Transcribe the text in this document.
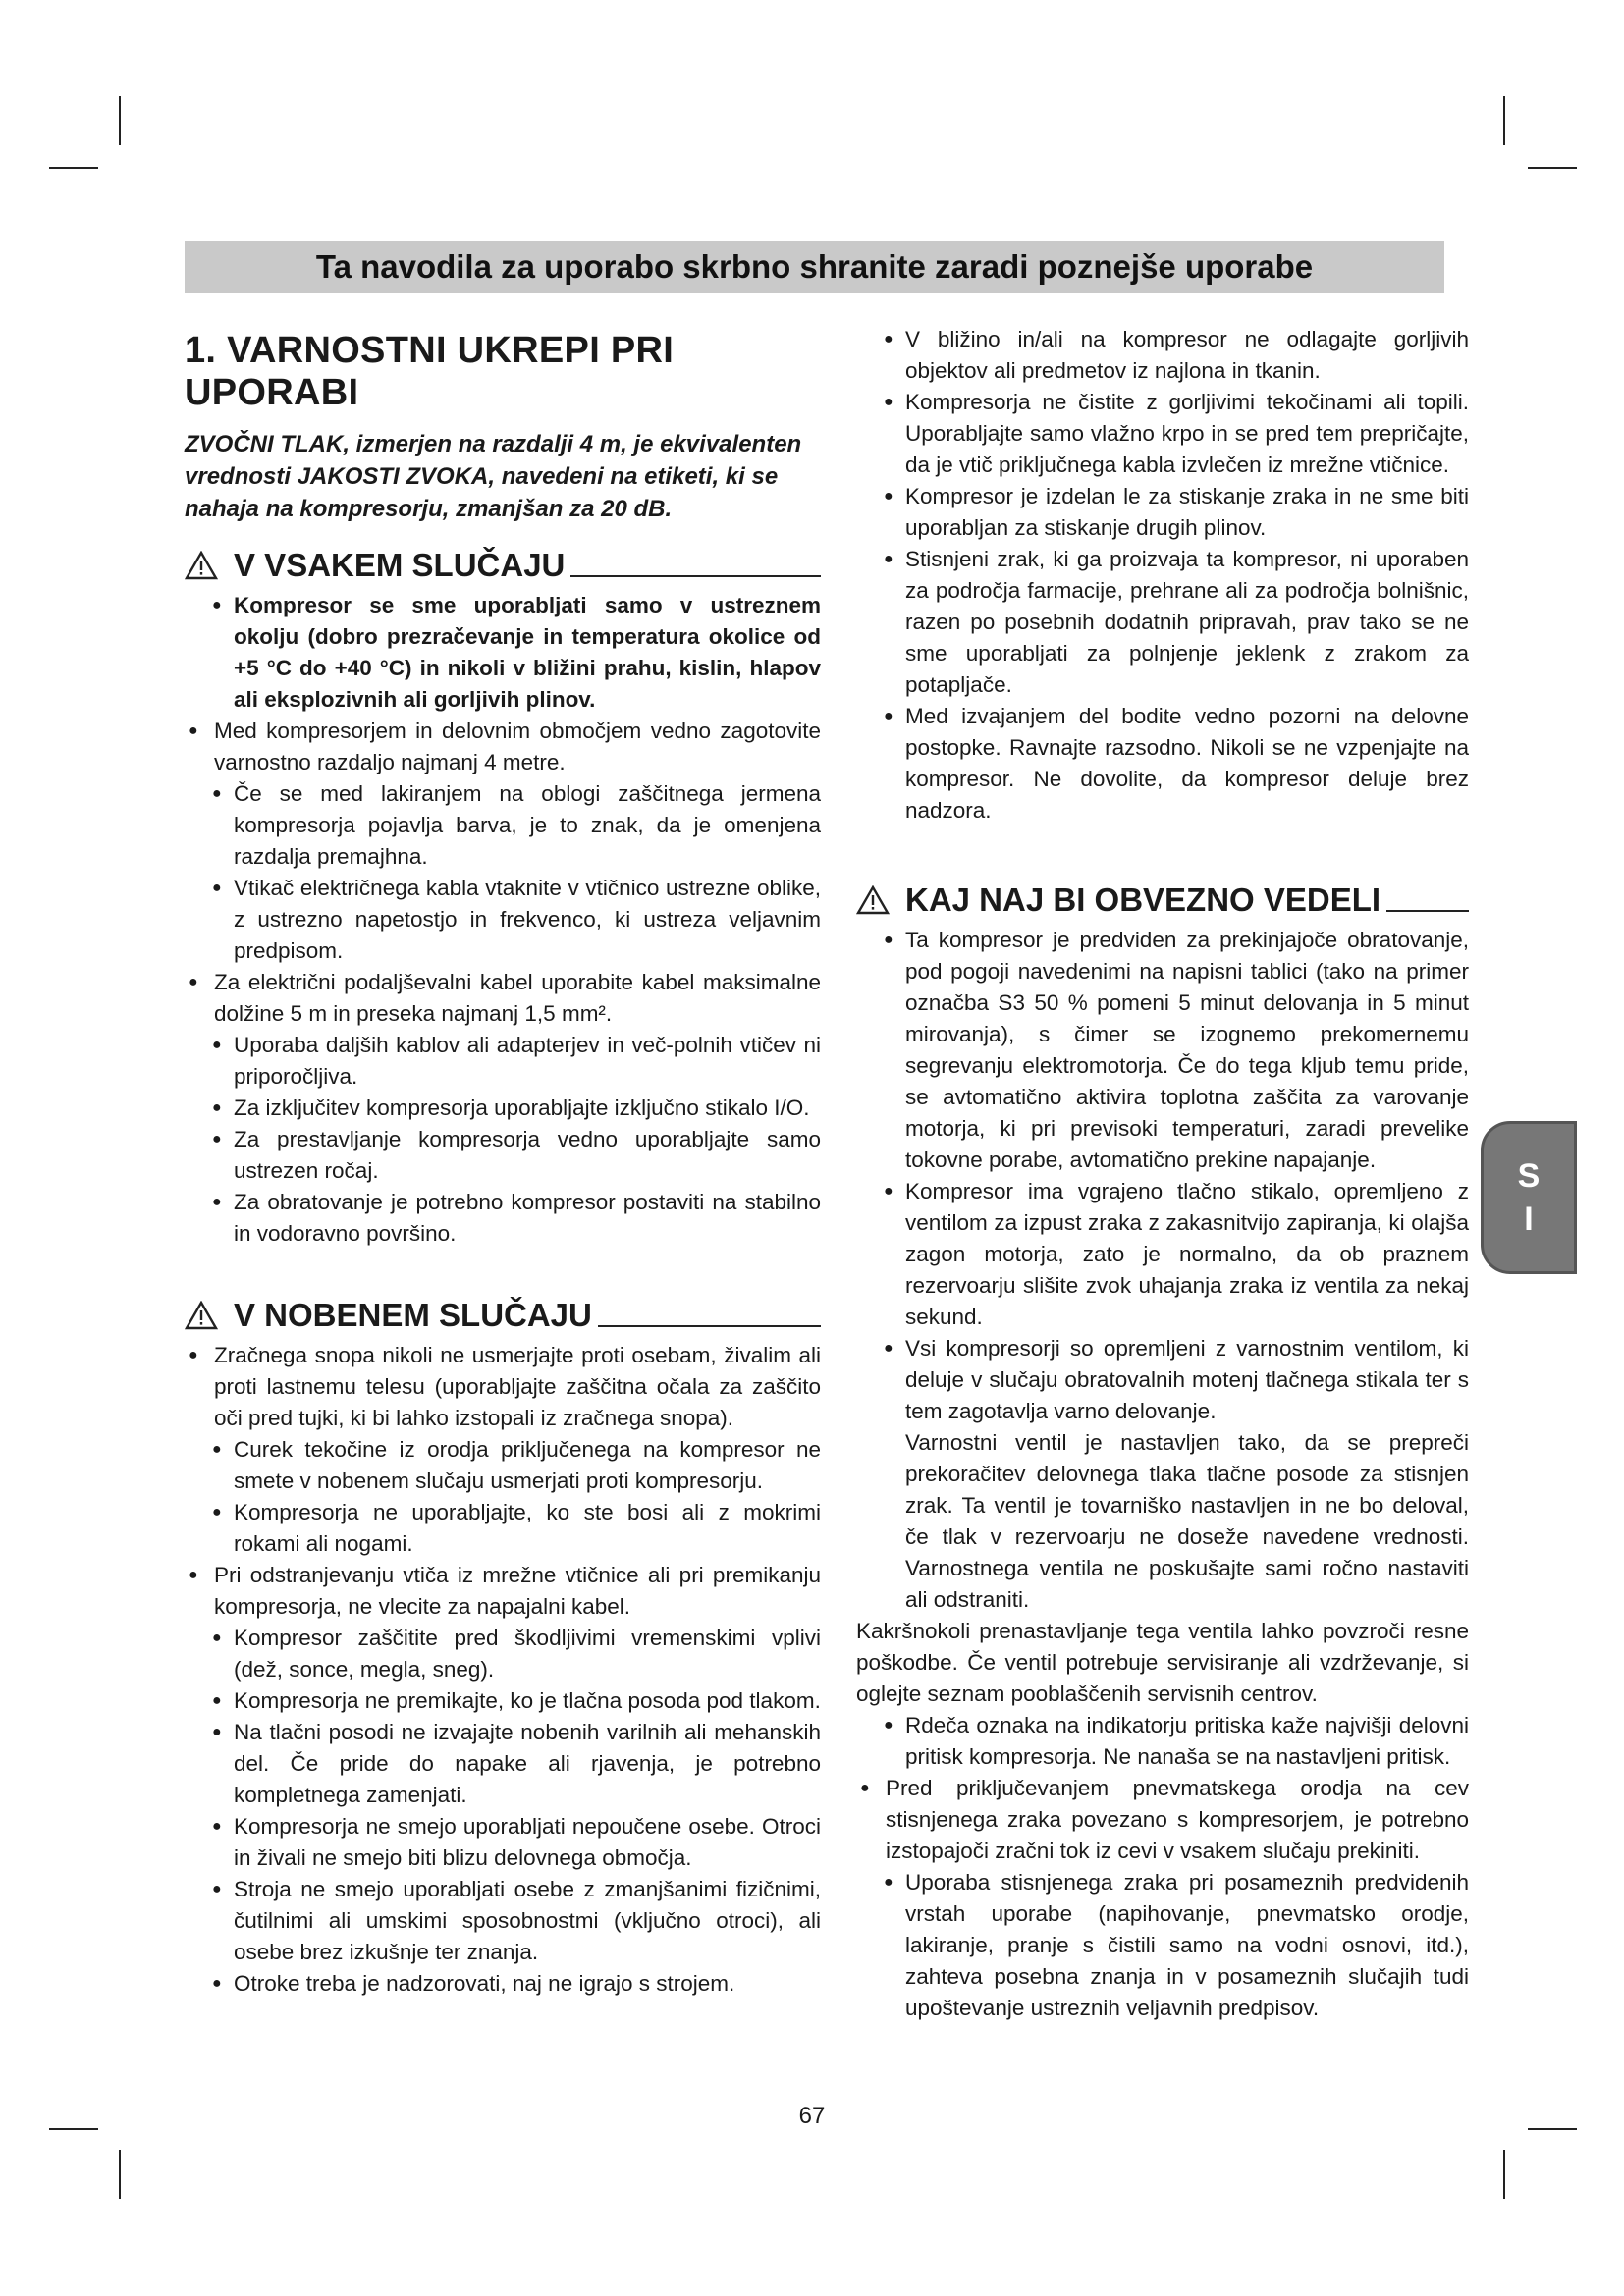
Ta navodila za uporabo skrbno shranite zaradi poznejše uporabe
1. VARNOSTNI UKREPI PRI UPORABI

ZVOČNI TLAK, izmerjen na razdalji 4 m, je ekvivalenten vrednosti JAKOSTI ZVOKA, navedeni na etiketi, ki se nahaja na kompresorju, zmanjšan za 20 dB.

V VSAKEM SLUČAJU
● Kompresor se sme uporabljati samo v ustreznem okolju (dobro prezračevanje in temperatura okolice od +5 °C do +40 °C) in nikoli v bližini prahu, kislin, hlapov ali eksplozivnih ali gorljivih plinov.
● Med kompresorjem in delovnim območjem vedno zagotovite varnostno razdaljo najmanj 4 metre.
● Če se med lakiranjem na oblogi zaščitnega jermena kompresorja pojavlja barva, je to znak, da je omenjena razdalja premajhna.
● Vtikač električnega kabla vtaknite v vtičnico ustrezne oblike, z ustrezno napetostjo in frekvenco, ki ustreza veljavnim predpisom.
● Za električni podaljševalni kabel uporabite kabel maksimalne dolžine 5 m in preseka najmanj 1,5 mm².
● Uporaba daljših kablov ali adapterjev in več-polnih vtičev ni priporočljiva.
● Za izključitev kompresorja uporabljajte izključno stikalo I/O.
● Za prestavljanje kompresorja vedno uporabljajte samo ustrezen ročaj.
● Za obratovanje je potrebno kompresor postaviti na stabilno in vodoravno površino.
V NOBENEM SLUČAJU
● Zračnega snopa nikoli ne usmerjajte proti osebam, živalim ali proti lastnemu telesu (uporabljajte zaščitna očala za zaščito oči pred tujki, ki bi lahko izstopali iz zračnega snopa).
● Curek tekočine iz orodja priključenega na kompresor ne smete v nobenem slučaju usmerjati proti kompresorju.
● Kompresorja ne uporabljajte, ko ste bosi ali z mokrimi rokami ali nogami.
● Pri odstranjevanju vtiča iz mrežne vtičnice ali pri premikanju kompresorja, ne vlecite za napajalni kabel.
● Kompresor zaščitite pred škodljivimi vremenskimi vplivi (dež, sonce, megla, sneg).
● Kompresorja ne premikajte, ko je tlačna posoda pod tlakom.
● Na tlačni posodi ne izvajajte nobenih varilnih ali mehanskih del. Če pride do napake ali rjavenja, je potrebno kompletnega zamenjati.
● Kompresorja ne smejo uporabljati nepoučene osebe. Otroci in živali ne smejo biti blizu delovnega območja.
● Stroja ne smejo uporabljati osebe z zmanjšanimi fizičnimi, čutilnimi ali umskimi sposobnostmi (vključno otroci), ali osebe brez izkušnje ter znanja.
● Otroke treba je nadzorovati, naj ne igrajo s strojem.
● V bližino in/ali na kompresor ne odlagajte gorljivih objektov ali predmetov iz najlona in tkanin.
● Kompresorja ne čistite z gorljivimi tekočinami ali topili. Uporabljajte samo vlažno krpo in se pred tem prepričajte, da je vtič priključnega kabla izvlečen iz mrežne vtičnice.
● Kompresor je izdelan le za stiskanje zraka in ne sme biti uporabljan za stiskanje drugih plinov.
● Stisnjeni zrak, ki ga proizvaja ta kompresor, ni uporaben za področja farmacije, prehrane ali za področja bolnišnic, razen po posebnih dodatnih pripravah, prav tako se ne sme uporabljati za polnjenje jeklenk z zrakom za potapljače.
● Med izvajanjem del bodite vedno pozorni na delovne postopke. Ravnajte razsodno. Nikoli se ne vzpenjajte na kompresor. Ne dovolite, da kompresor deluje brez nadzora.
KAJ NAJ BI OBVEZNO VEDELI
● Ta kompresor je predviden za prekinjajoče obratovanje, pod pogoji navedenimi na napisni tablici (tako na primer označba S3 50 % pomeni 5 minut delovanja in 5 minut mirovanja), s čimer se izognemo prekomernemu segrevanju elektromotorja. Če do tega kljub temu pride, se avtomatično aktivira toplotna zaščita za varovanje motorja, ki pri previsoki temperaturi, zaradi prevelike tokovne porabe, avtomatično prekine napajanje.
● Kompresor ima vgrajeno tlačno stikalo, opremljeno z ventilom za izpust zraka z zakasnitvijo zapiranja, ki olajša zagon motorja, zato je normalno, da ob praznem rezervoarju slišite zvok uhajanja zraka iz ventila za nekaj sekund.
● Vsi kompresorji so opremljeni z varnostnim ventilom, ki deluje v slučaju obratovalnih motenj tlačnega stikala ter s tem zagotavlja varno delovanje.
Varnostni ventil je nastavljen tako, da se prepreči prekoračitev delovnega tlaka tlačne posode za stisnjen zrak. Ta ventil je tovarniško nastavljen in ne bo deloval, če tlak v rezervoarju ne doseže navedene vrednosti. Varnostnega ventila ne poskušajte sami ročno nastaviti ali odstraniti.
Kakršnokoli prenastavljanje tega ventila lahko povzroči resne poškodbe. Če ventil potrebuje servisiranje ali vzdrževanje, si oglejte seznam pooblaščenih servisnih centrov.
● Rdeča oznaka na indikatorju pritiska kaže najvišji delovni pritisk kompresorja. Ne nanaša se na nastavljeni pritisk.
● Pred priključevanjem pnevmatskega orodja na cev stisnjenega zraka povezano s kompresorjem, je potrebno izstopajoči zračni tok iz cevi v vsakem slučaju prekiniti.
● Uporaba stisnjenega zraka pri posameznih predvidenih vrstah uporabe (napihovanje, pnevmatsko orodje, lakiranje, pranje s čistili samo na vodni osnovi, itd.), zahteva posebna znanja in v posameznih slučajih tudi upoštevanje ustreznih veljavnih predpisov.
S
I
67
